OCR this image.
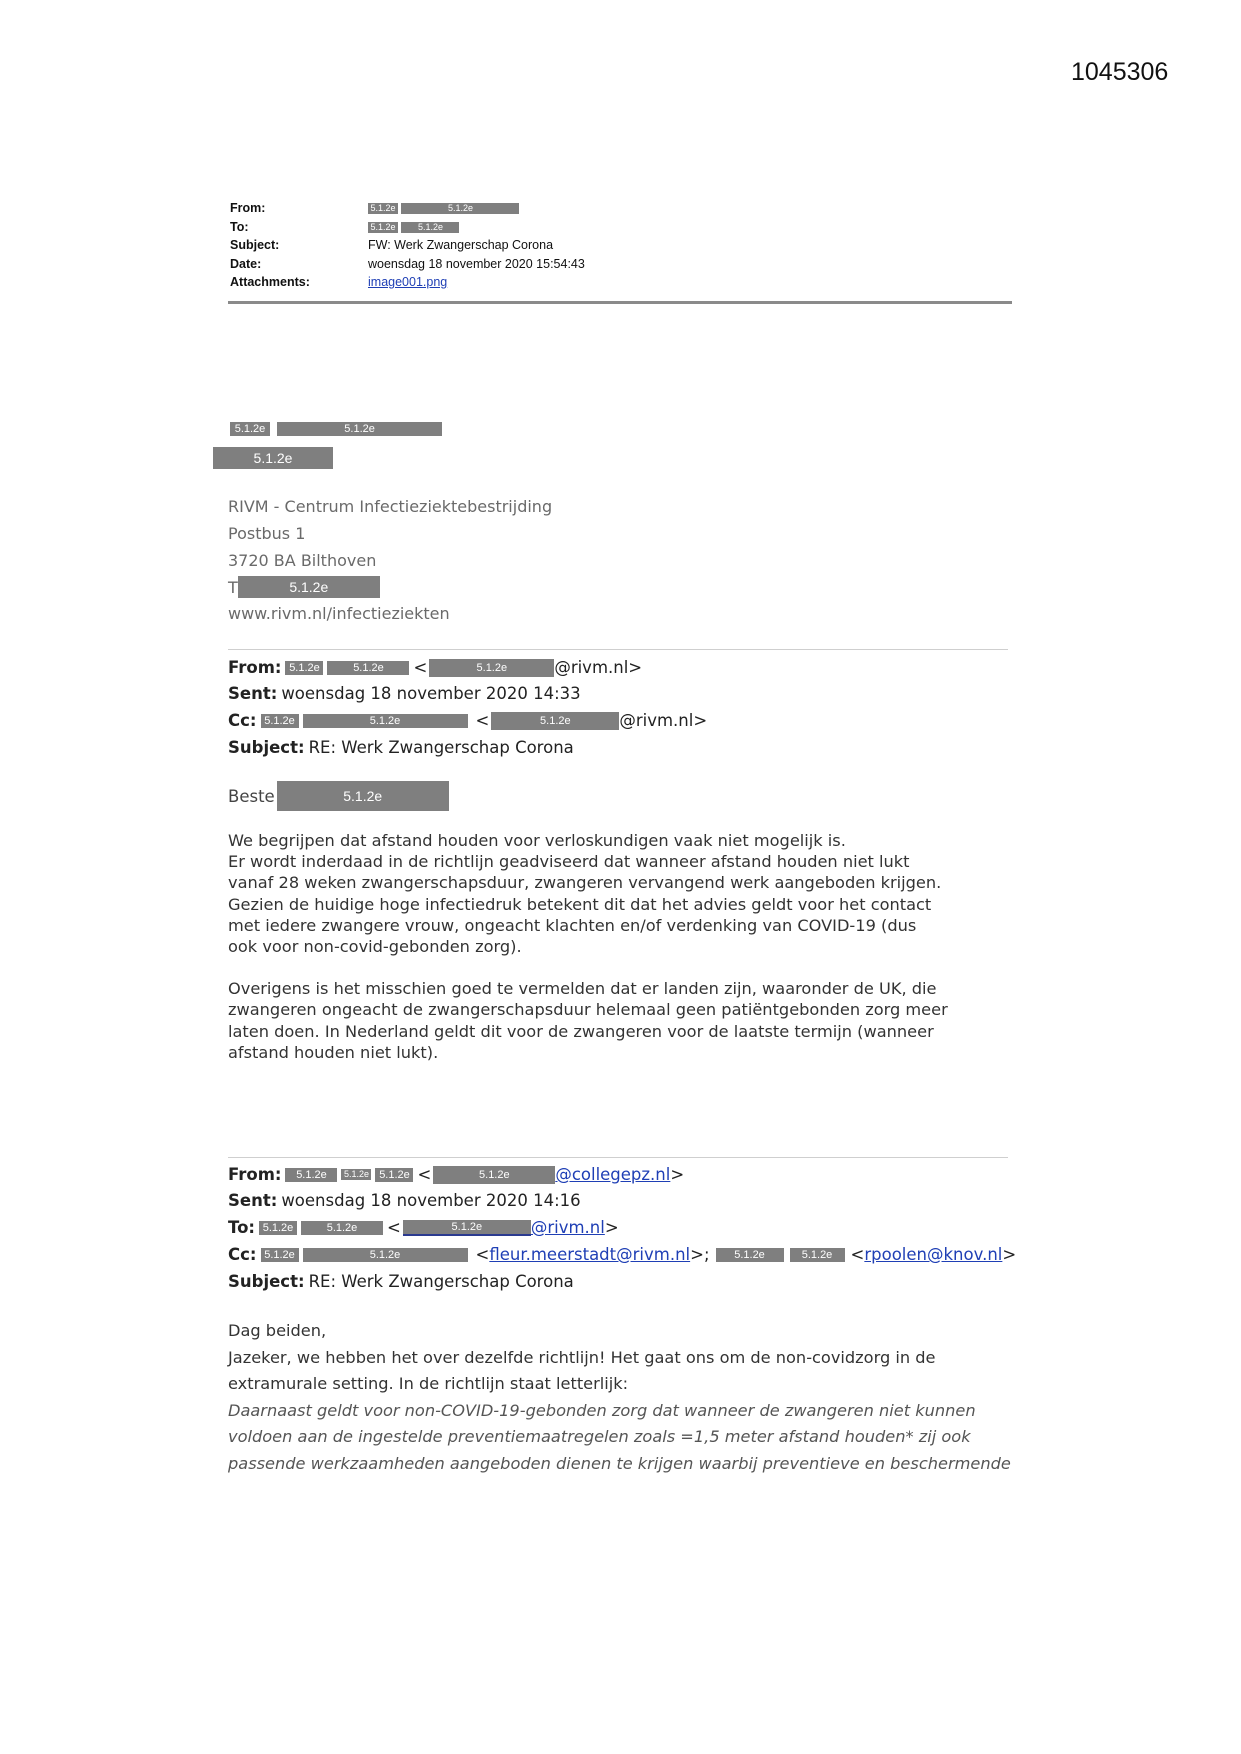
1045306
From:	5.1.2e	5.1.2e
To:	5.1.2e 5.1.2e
Subject:	FW: Werk Zwangerschap Corona
Date:	woensdag 18 november 2020 15:54:43
Attachments:	image001.png
5.1.2e	5.1.2e
5.1.2e
RIVM - Centrum Infectieziektebestrijding
Postbus 1
3720 BA Bilthoven
T	5.1.2e
www.rivm.nl/infectieziekten
From: 5.1.2e	5.1.2e	<	5.1.2e	@rivm.nl>
Sent: woensdag 18 november 2020 14:33
Cc: 5.1.2e	5.1.2e	<	5.1.2e	@rivm.nl>
Subject: RE: Werk Zwangerschap Corona
Beste	5.1.2e

We begrijpen dat afstand houden voor verloskundigen vaak niet mogelijk is.
Er wordt inderdaad in de richtlijn geadviseerd dat wanneer afstand houden niet lukt
vanaf 28 weken zwangerschapsduur, zwangeren vervangend werk aangeboden krijgen.
Gezien de huidige hoge infectiedruk betekent dit dat het advies geldt voor het contact
met iedere zwangere vrouw, ongeacht klachten en/of verdenking van COVID-19 (dus
ook voor non-covid-gebonden zorg).

Overigens is het misschien goed te vermelden dat er landen zijn, waaronder de UK, die
zwangeren ongeacht de zwangerschapsduur helemaal geen patiëntgebonden zorg meer
laten doen. In Nederland geldt dit voor de zwangeren voor de laatste termijn (wanneer
afstand houden niet lukt).

From:	5.1.2e	5.1.2e 5.1.2e <	5.1.2e	@collegepz.nl >
Sent: woensdag 18 november 2020 14:16
To: 5.1.2e	5.1.2e	<	5.1.2e	@rivm.nl >
Cc: 5.1.2e	5.1.2e	< fleur.meerstadt@rivm.nl >;	5.1.2e	5.1.2e	< rpoolen@knov.nl >
Subject: RE: Werk Zwangerschap Corona
Dag beiden,
Jazeker, we hebben het over dezelfde richtlijn! Het gaat ons om de non-covidzorg in de
extramurale setting. In de richtlijn staat letterlijk:
Daarnaast geldt voor non-COVID-19-gebonden zorg dat wanneer de zwangeren niet kunnen
voldoen aan de ingestelde preventiemaatregelen zoals =1,5 meter afstand houden* zij ook
passende werkzaamheden aangeboden dienen te krijgen waarbij preventieve en beschermende
